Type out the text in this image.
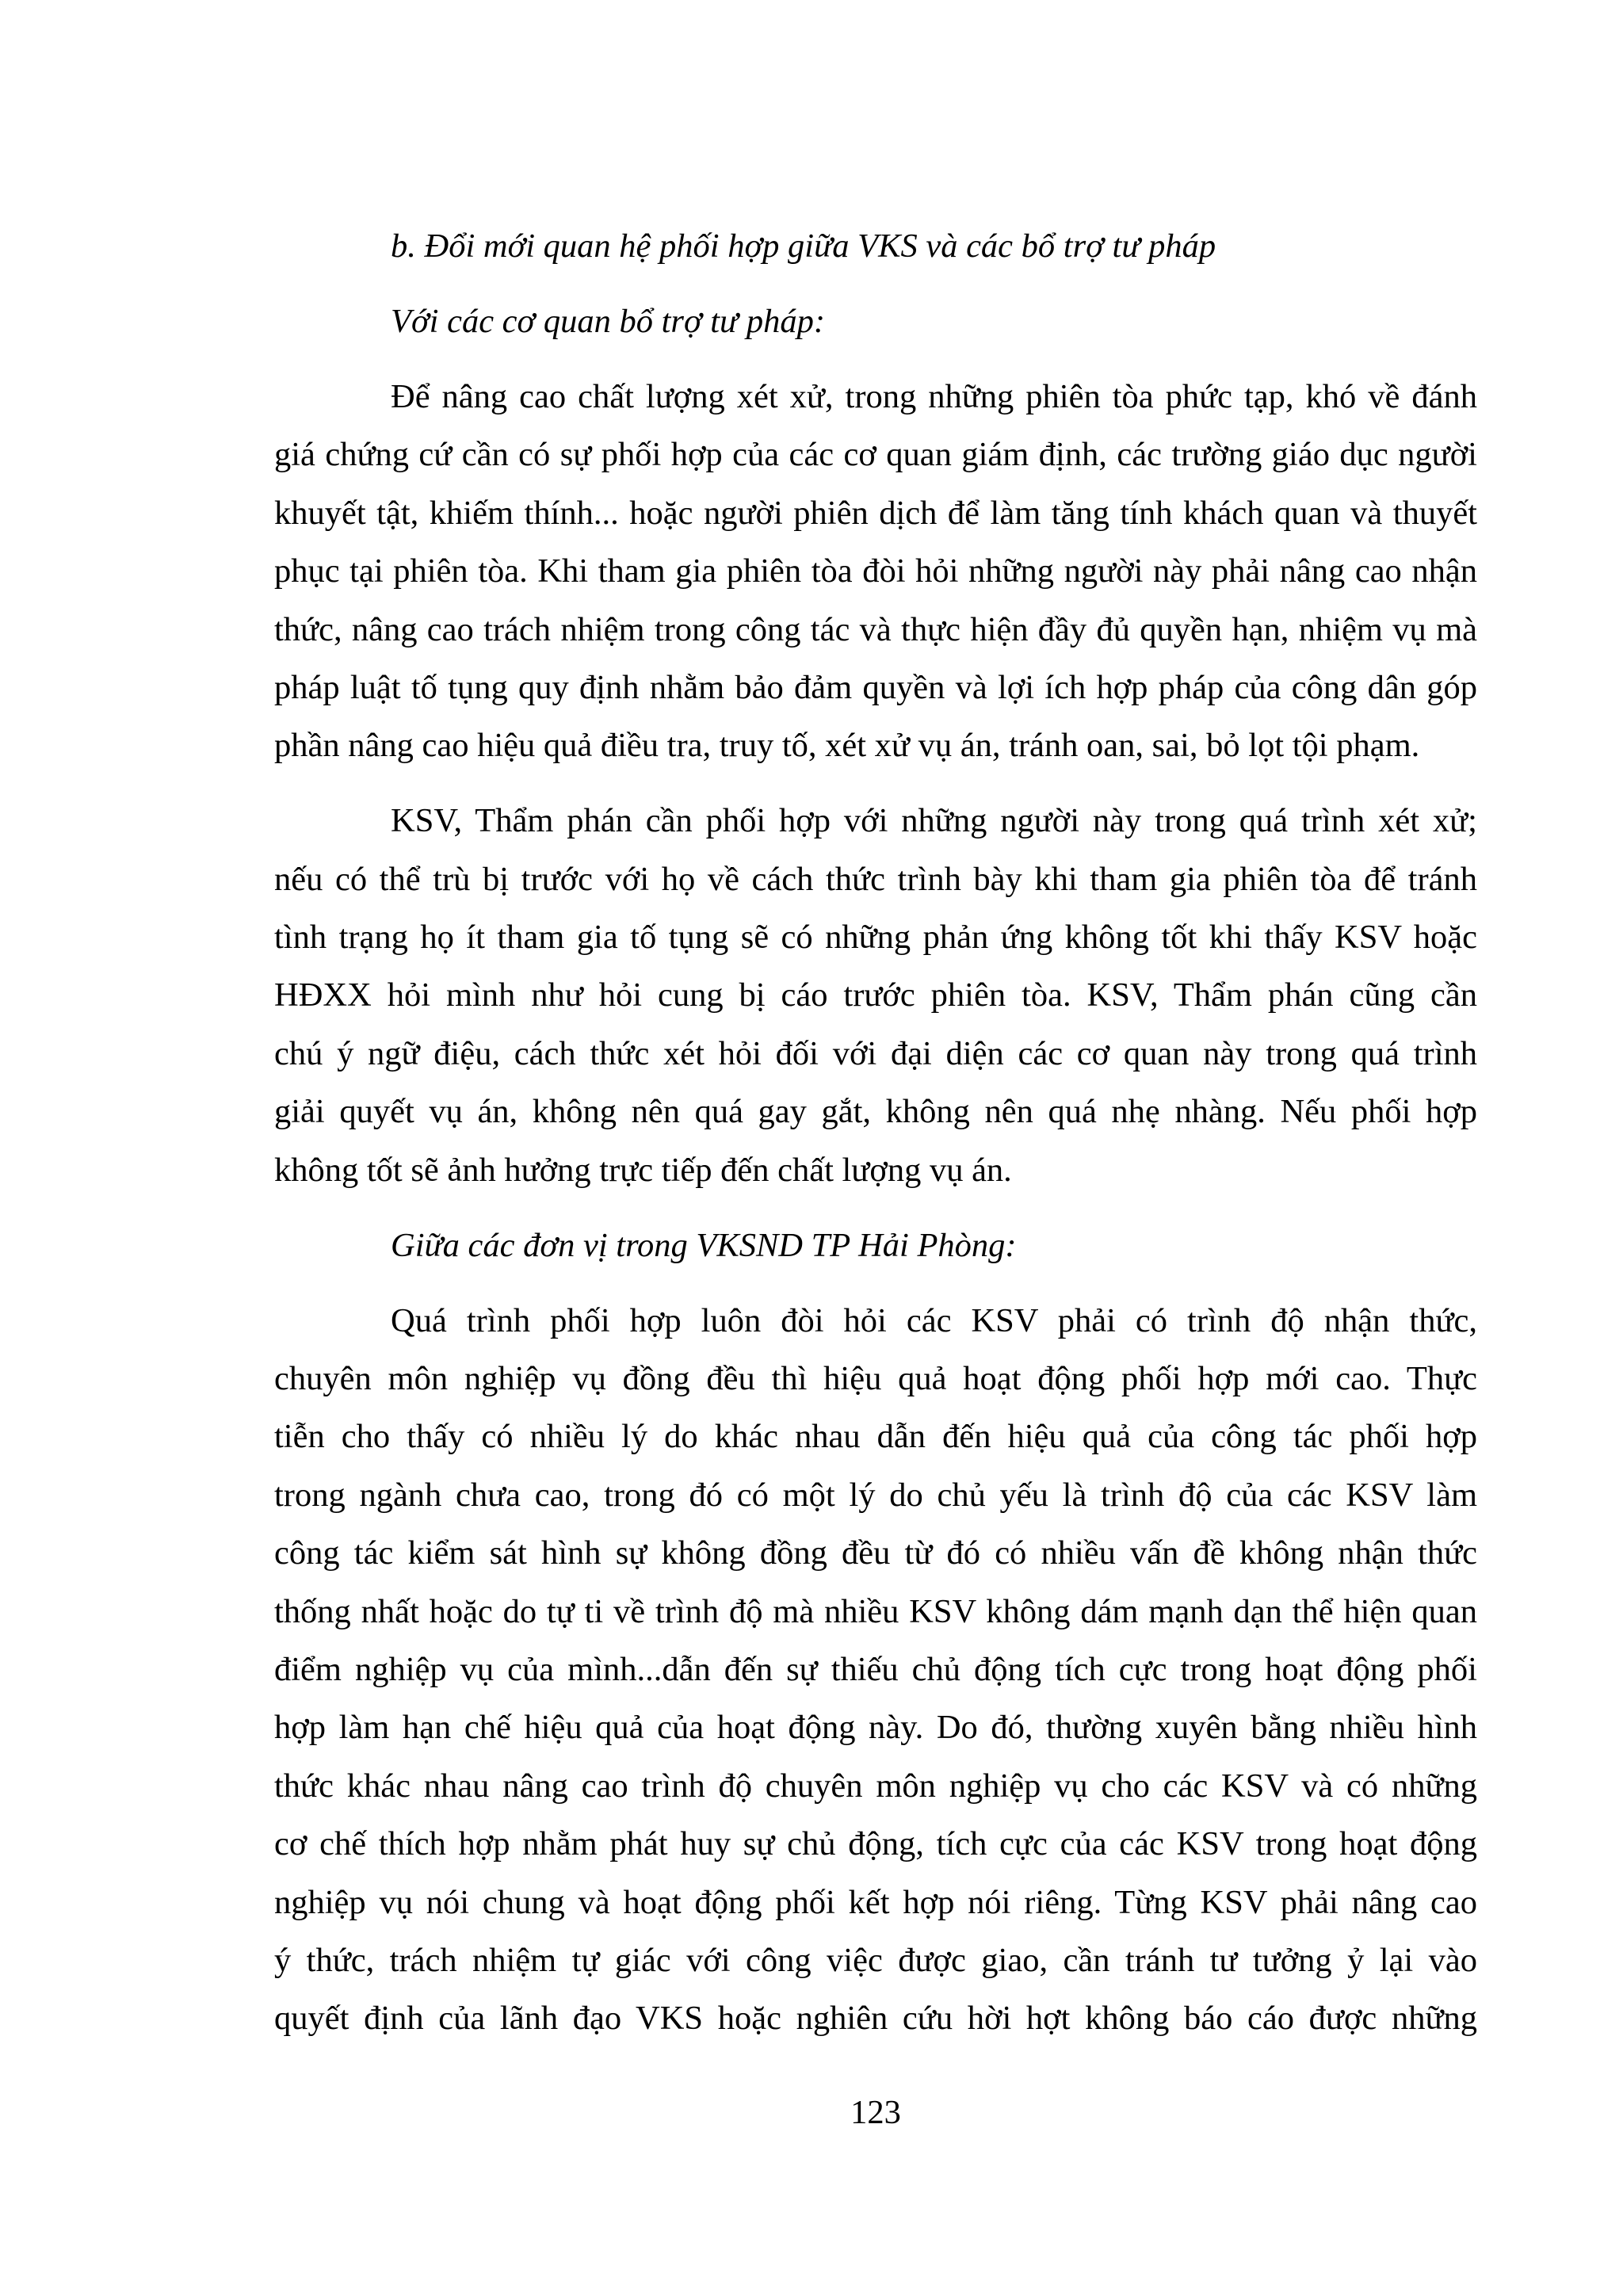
b. Đổi mới quan hệ phối hợp giữa VKS và các bổ trợ tư pháp
Với các cơ quan bổ trợ tư pháp:
Để nâng cao chất lượng xét xử, trong những phiên tòa phức tạp, khó về đánh
giá chứng cứ cần có sự phối hợp của các cơ quan giám định, các trường giáo dục người
khuyết tật, khiếm thính... hoặc người phiên dịch để làm tăng tính khách quan và thuyết
phục tại phiên tòa. Khi tham gia phiên tòa đòi hỏi những người này phải nâng cao nhận
thức, nâng cao trách nhiệm trong công tác và thực hiện đầy đủ quyền hạn, nhiệm vụ mà
pháp luật tố tụng quy định nhằm bảo đảm quyền và lợi ích hợp pháp của công dân góp
phần nâng cao hiệu quả điều tra, truy tố, xét xử vụ án, tránh oan, sai, bỏ lọt tội phạm.
KSV, Thẩm phán cần phối hợp với những người này trong quá trình xét xử;
nếu có thể trù bị trước với họ về cách thức trình bày khi tham gia phiên tòa để tránh
tình trạng họ ít tham gia tố tụng sẽ có những phản ứng không tốt khi thấy KSV hoặc
HĐXX hỏi mình như hỏi cung bị cáo trước phiên tòa. KSV, Thẩm phán cũng cần
chú ý ngữ điệu, cách thức xét hỏi đối với đại diện các cơ quan này trong quá trình
giải quyết vụ án, không nên quá gay gắt, không nên quá nhẹ nhàng. Nếu phối hợp
không tốt sẽ ảnh hưởng trực tiếp đến chất lượng vụ án.
Giữa các đơn vị trong VKSND TP Hải Phòng:
Quá trình phối hợp luôn đòi hỏi các KSV phải có trình độ nhận thức,
chuyên môn nghiệp vụ đồng đều thì hiệu quả hoạt động phối hợp mới cao. Thực
tiễn cho thấy có nhiều lý do khác nhau dẫn đến hiệu quả của công tác phối hợp
trong ngành chưa cao, trong đó có một lý do chủ yếu là trình độ của các KSV làm
công tác kiểm sát hình sự không đồng đều từ đó có nhiều vấn đề không nhận thức
thống nhất hoặc do tự ti về trình độ mà nhiều KSV không dám mạnh dạn thể hiện quan
điểm nghiệp vụ của mình...dẫn đến sự thiếu chủ động tích cực trong hoạt động phối
hợp làm hạn chế hiệu quả của hoạt động này. Do đó, thường xuyên bằng nhiều hình
thức khác nhau nâng cao trình độ chuyên môn nghiệp vụ cho các KSV và có những
cơ chế thích hợp nhằm phát huy sự chủ động, tích cực của các KSV trong hoạt động
nghiệp vụ nói chung và hoạt động phối kết hợp nói riêng. Từng KSV phải nâng cao
ý thức, trách nhiệm tự giác với công việc được giao, cần tránh tư tưởng ỷ lại vào
quyết định của lãnh đạo VKS hoặc nghiên cứu hời hợt không báo cáo được những
123
